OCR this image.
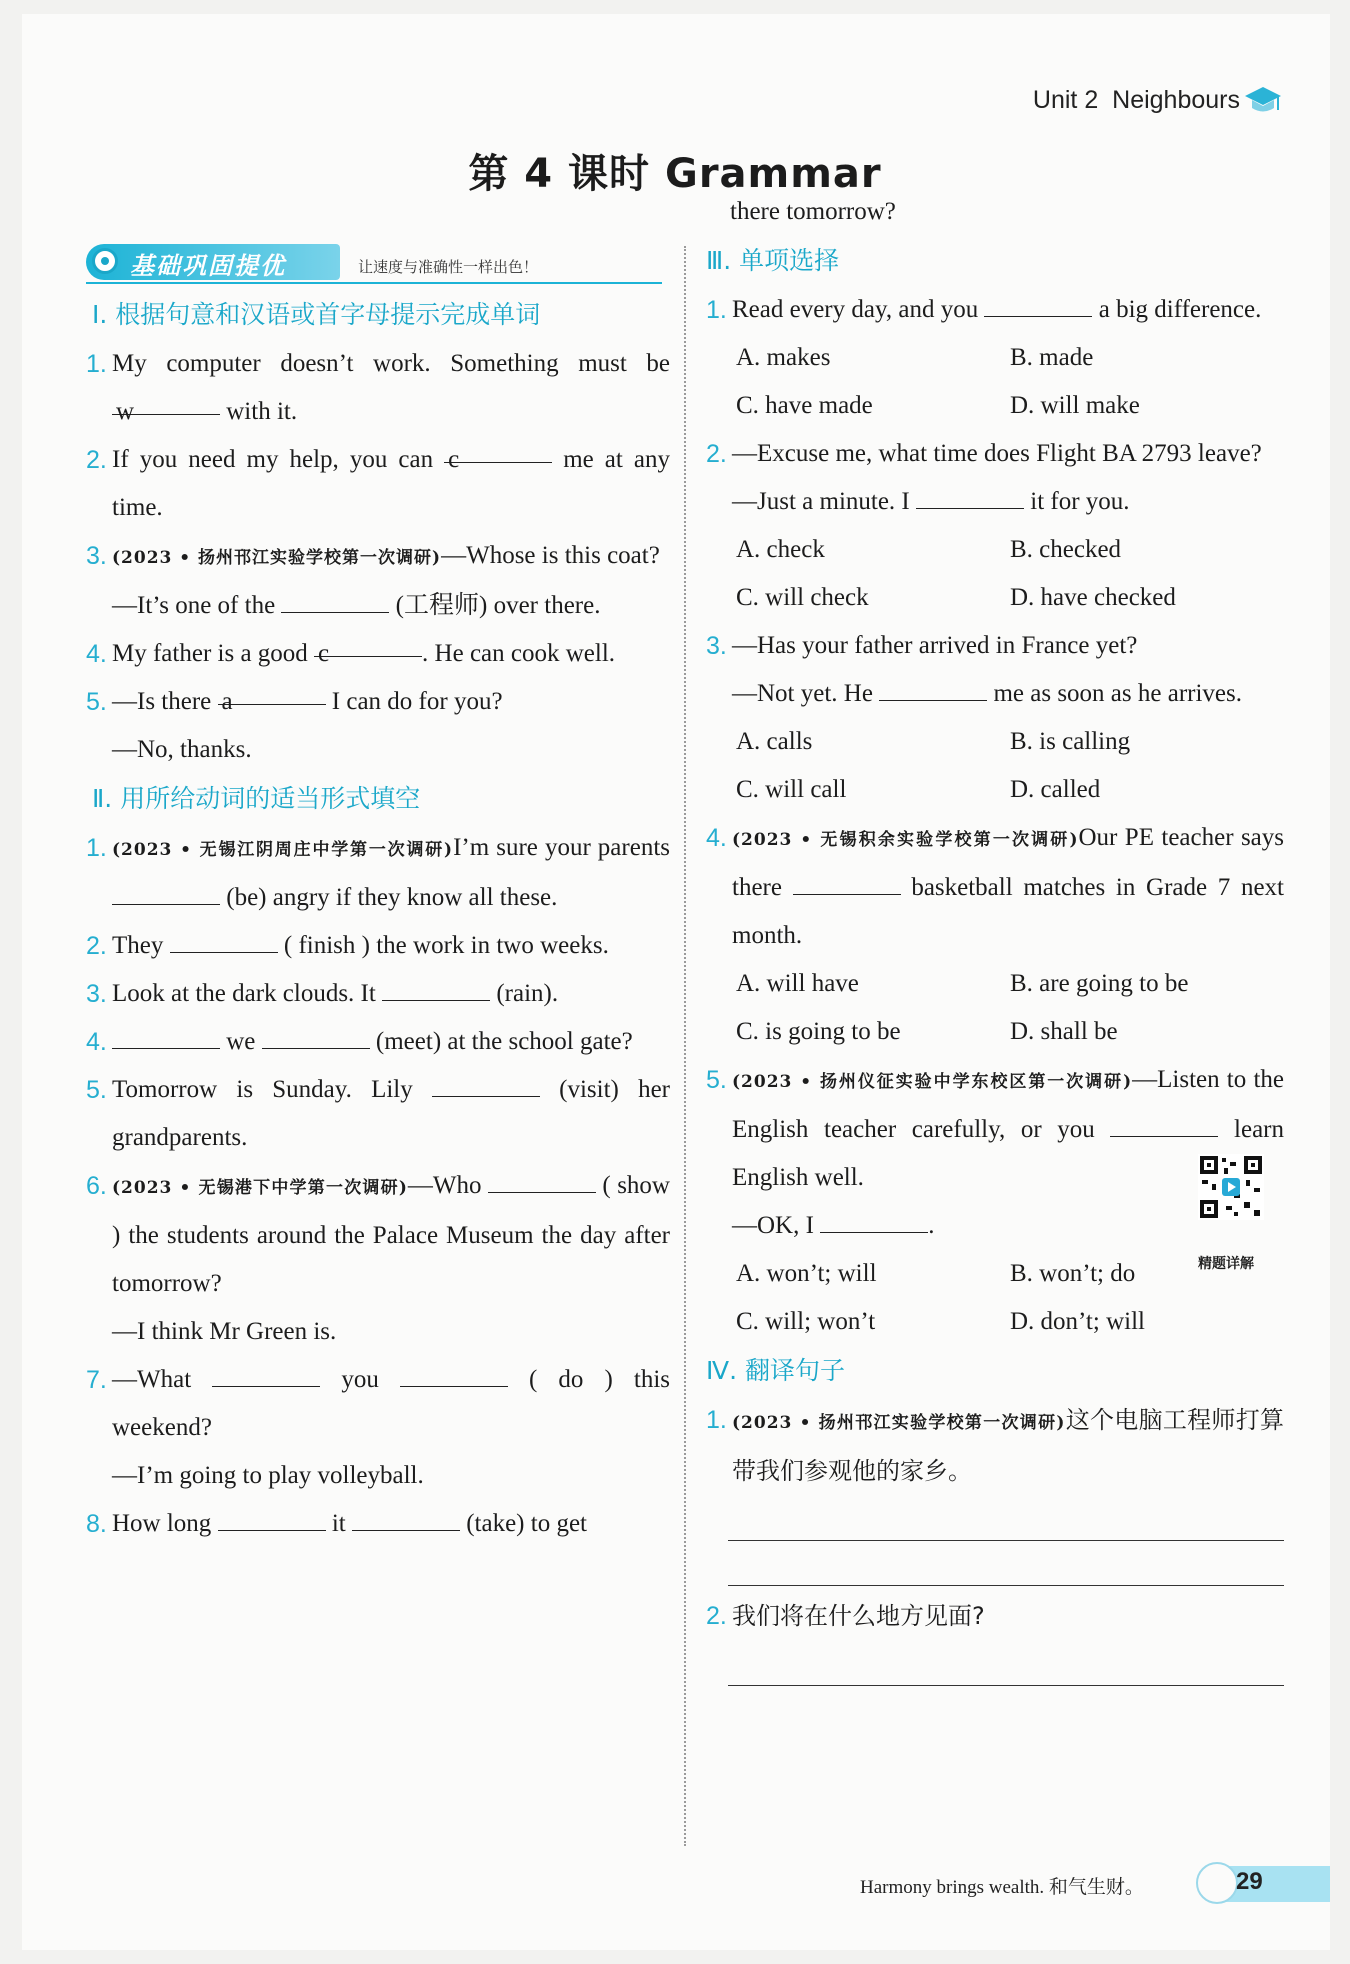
Unit 2 Neighbours
第 4 课时 Grammar
基础巩固提优	让速度与准确性一样出色！
Ⅰ. 根据句意和汉语或首字母提示完成单词
1. My computer doesn’t work. Something must be w	with it.
2. If you need my help, you can c	me at any time.
3. (2023 • 扬州邗江实验学校第一次调研)—Whose is this coat?
—It’s one of the	(工程师) over there.
4. My father is a good c	. He can cook well.
5. —Is there a	I can do for you?
—No, thanks.
Ⅱ. 用所给动词的适当形式填空
1. (2023 • 无锡江阴周庄中学第一次调研)I’m sure your parents  (be) angry if they know all these.
2. They	( finish ) the work in two weeks.
3. Look at the dark clouds. It	(rain).
4.	we	(meet) at the school gate?
5. Tomorrow is Sunday. Lily	(visit) her grandparents.
6. (2023 • 无锡港下中学第一次调研)—Who	( show ) the students around the Palace Museum the day after tomorrow?
—I think Mr Green is.
7. —What	you	( do ) this weekend?
—I’m going to play volleyball.
8. How long	it	(take) to get
there tomorrow?
Ⅲ. 单项选择
1. Read every day, and you	a big difference.
A. makes	B. made
C. have made	D. will make
2. —Excuse me, what time does Flight BA 2793 leave?
—Just a minute. I	it for you.
A. check	B. checked
C. will check	D. have checked
3. —Has your father arrived in France yet?
—Not yet. He	me as soon as he arrives.
A. calls	B. is calling
C. will call	D. called
4. (2023 • 无锡积余实验学校第一次调研)Our PE teacher says there	basketball matches in Grade 7 next month.
A. will have	B. are going to be
C. is going to be	D. shall be
5. (2023 • 扬州仪征实验中学东校区第一次调研)—Listen to the English teacher carefully, or you	learn English well.
—OK, I	.
精题详解
A. won’t; will	B. won’t; do
C. will; won’t	D. don’t; will
Ⅳ. 翻译句子
1. (2023 • 扬州邗江实验学校第一次调研)这个电脑工程师打算带我们参观他的家乡。
2. 我们将在什么地方见面?
Harmony brings wealth. 和气生财。	29
